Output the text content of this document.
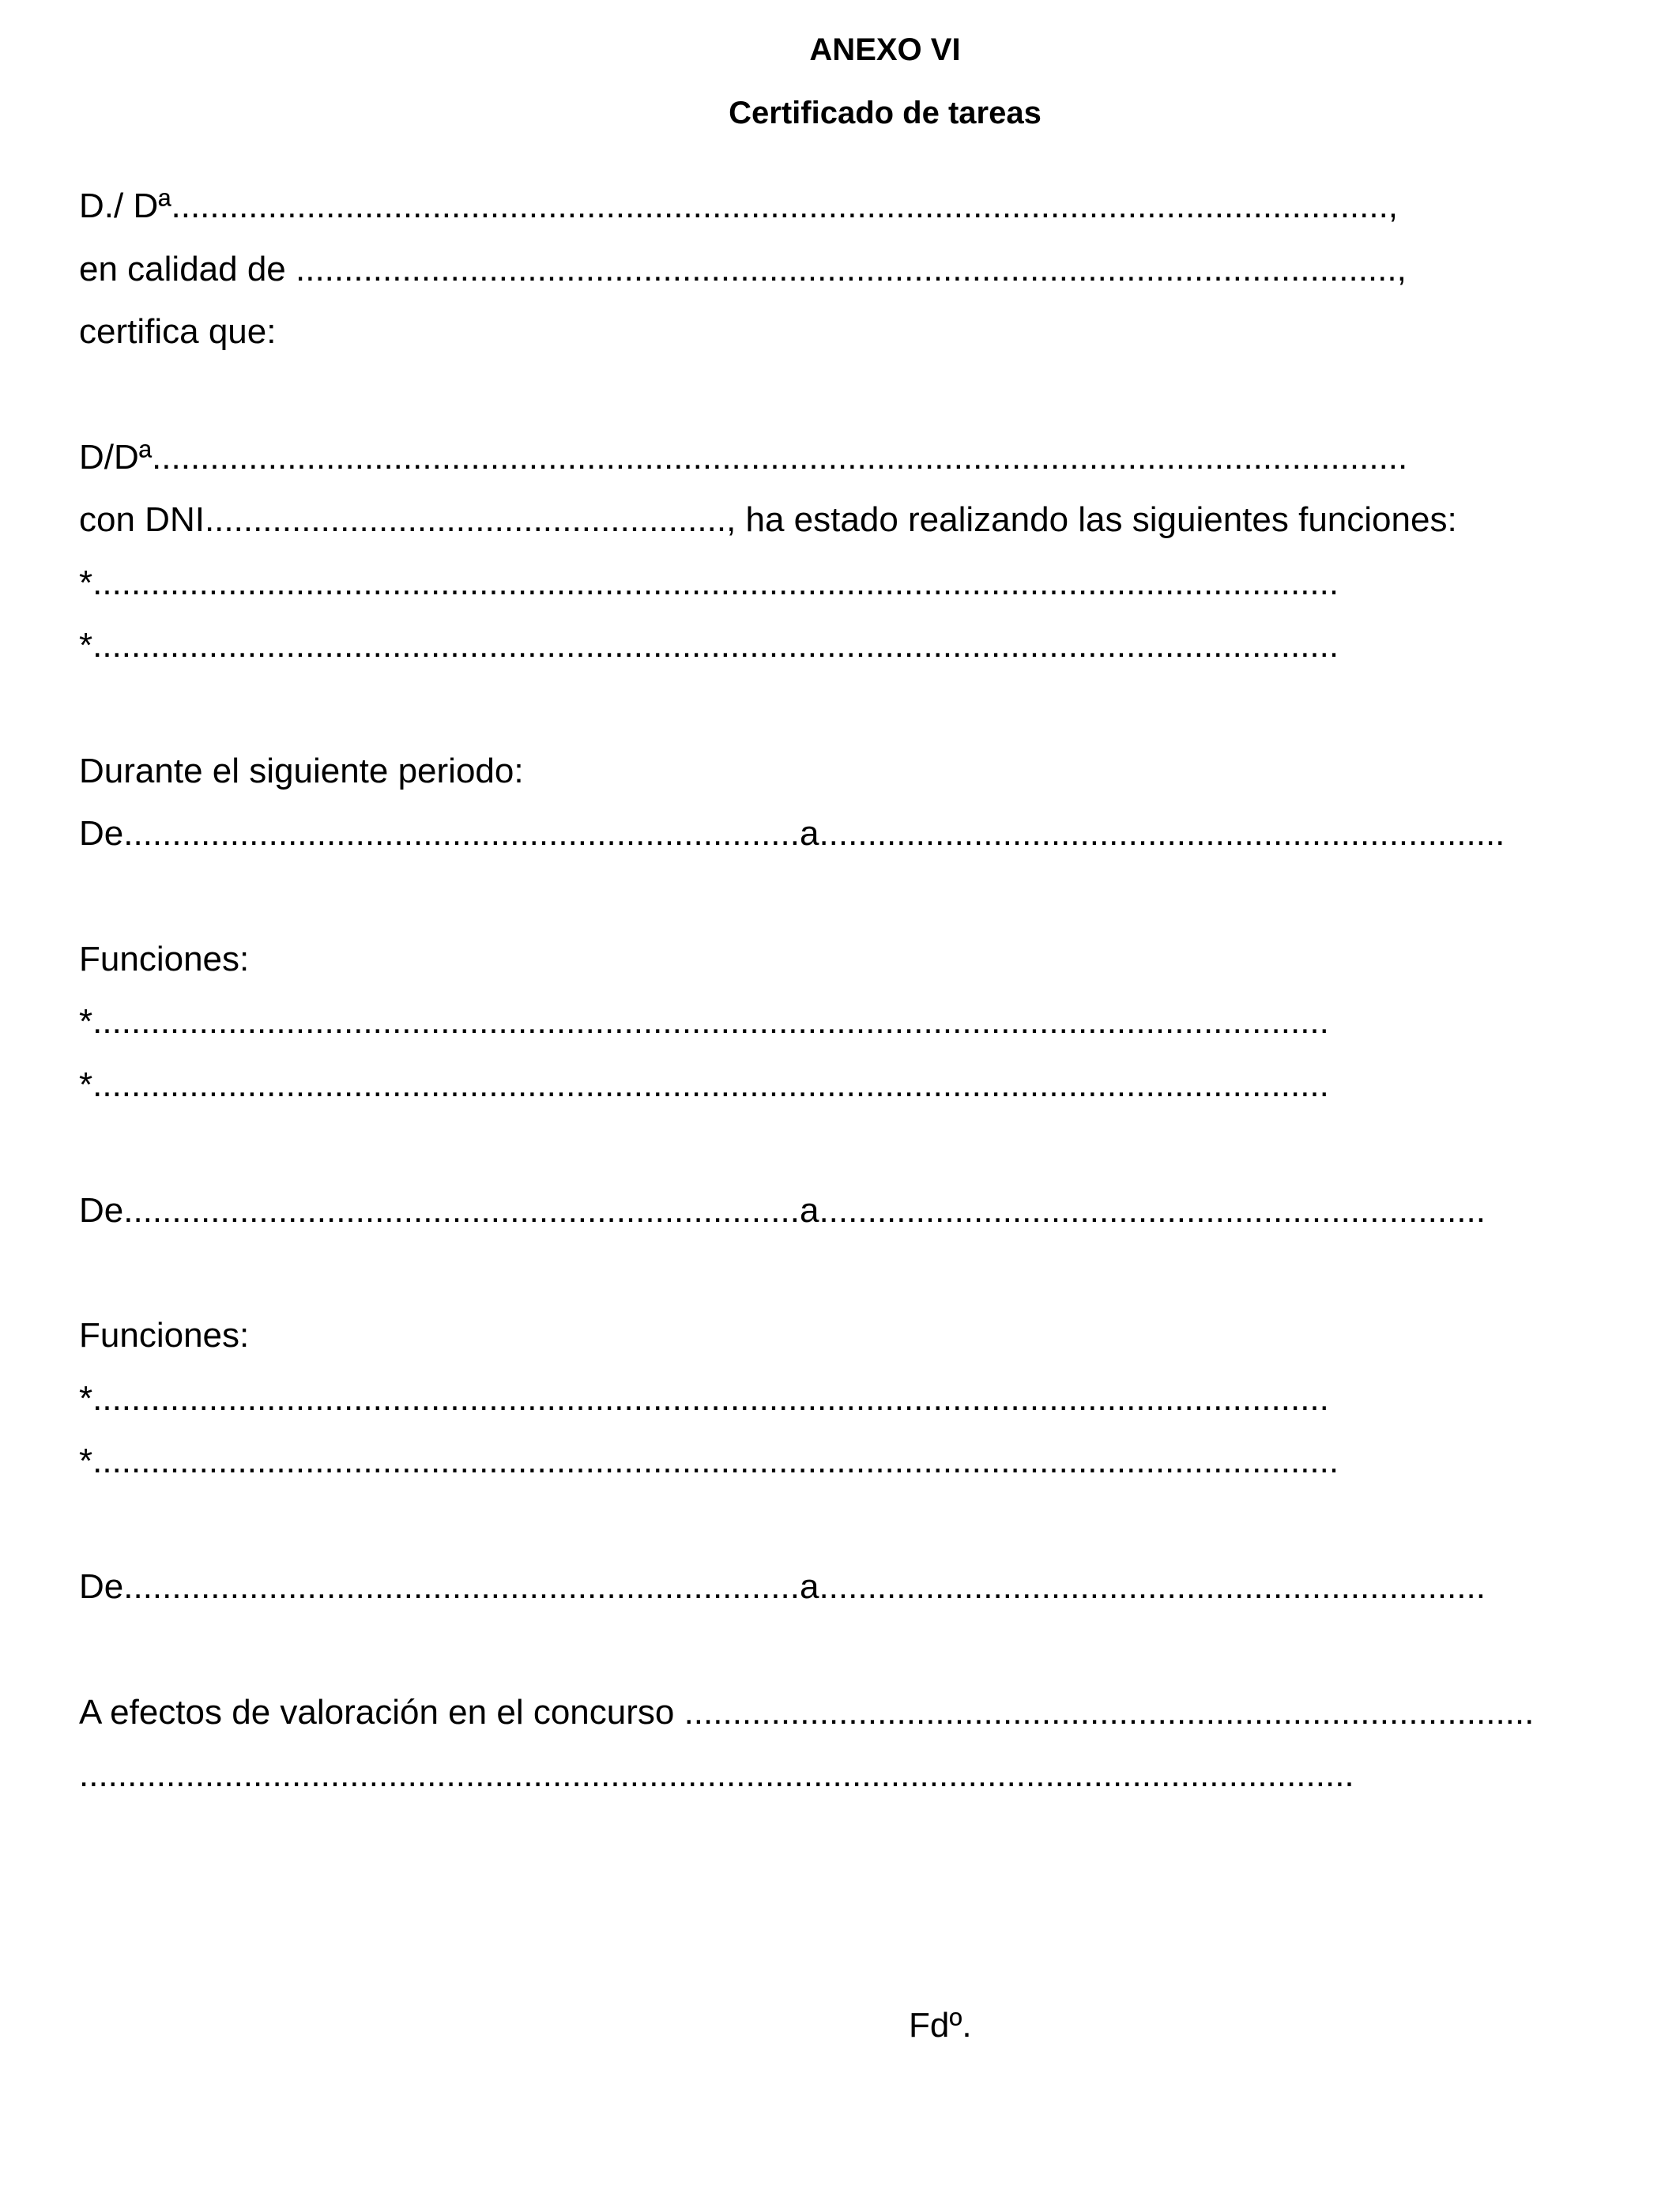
ANEXO VI
Certificado de tareas
D./ Dª..............................................................................................................................,
en calidad de ..................................................................................................................,
certifica que:
D/Dª..................................................................................................................................
con DNI......................................................, ha estado realizando las siguientes funciones:
*.................................................................................................................................
*.................................................................................................................................
Durante el siguiente periodo:
De......................................................................a.......................................................................
Funciones:
*................................................................................................................................
*................................................................................................................................
De......................................................................a.....................................................................
Funciones:
*................................................................................................................................
*.................................................................................................................................
De......................................................................a.....................................................................
A efectos de valoración en el concurso ........................................................................................
....................................................................................................................................
Fdº.
